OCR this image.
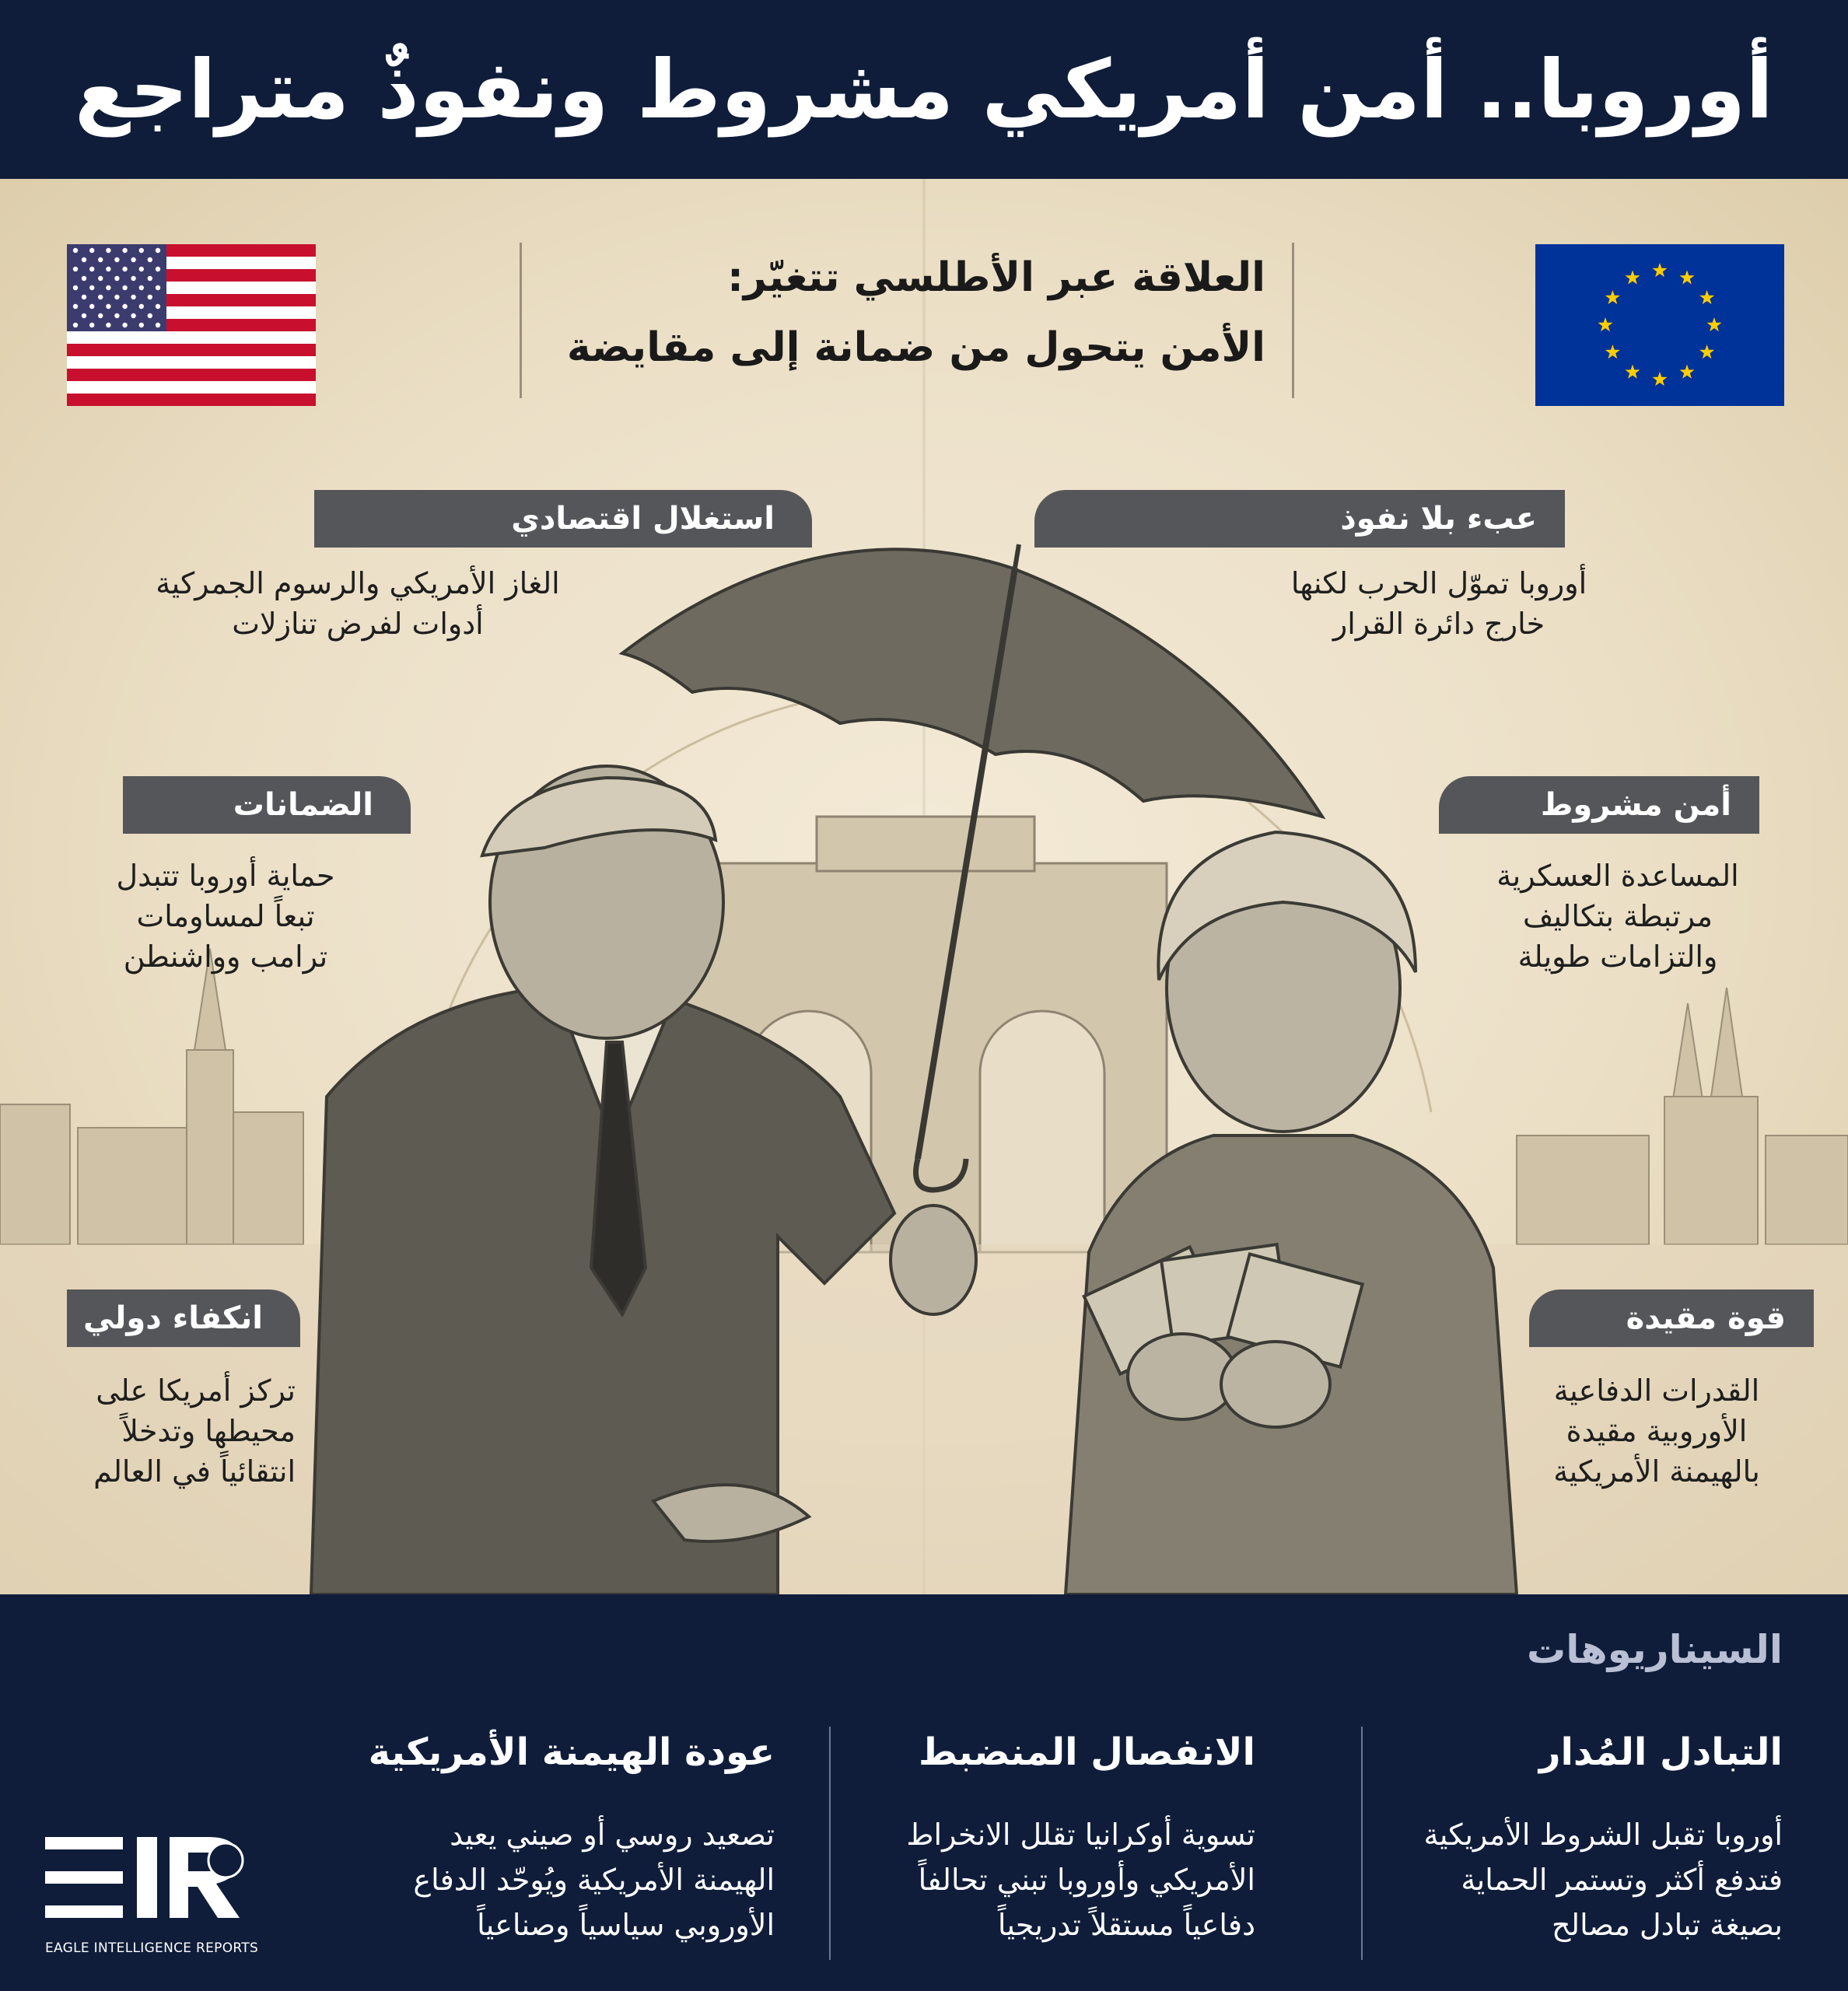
أوروبا.. أمن أمريكي مشروط ونفوذٌ متراجع
العلاقة عبر الأطلسي تتغيّر:
الأمن يتحول من ضمانة إلى مقايضة
استغلال اقتصادي
الغاز الأمريكي والرسوم الجمركية
أدوات لفرض تنازلات
عبء بلا نفوذ
أوروبا تموّل الحرب لكنها
خارج دائرة القرار
الضمانات
حماية أوروبا تتبدل
تبعاً لمساومات
ترامب وواشنطن
أمن مشروط
المساعدة العسكرية
مرتبطة بتكاليف
والتزامات طويلة
انكفاء دولي
تركز أمريكا على
محيطها وتدخلاً
انتقائياً في العالم
قوة مقيدة
القدرات الدفاعية
الأوروبية مقيدة
بالهيمنة الأمريكية
السيناريوهات
التبادل المُدار
أوروبا تقبل الشروط الأمريكية
فتدفع أكثر وتستمر الحماية
بصيغة تبادل مصالح
الانفصال المنضبط
تسوية أوكرانيا تقلل الانخراط
الأمريكي وأوروبا تبني تحالفاً
دفاعياً مستقلاً تدريجياً
عودة الهيمنة الأمريكية
تصعيد روسي أو صيني يعيد
الهيمنة الأمريكية ويُوحّد الدفاع
الأوروبي سياسياً وصناعياً
EAGLE INTELLIGENCE REPORTS
